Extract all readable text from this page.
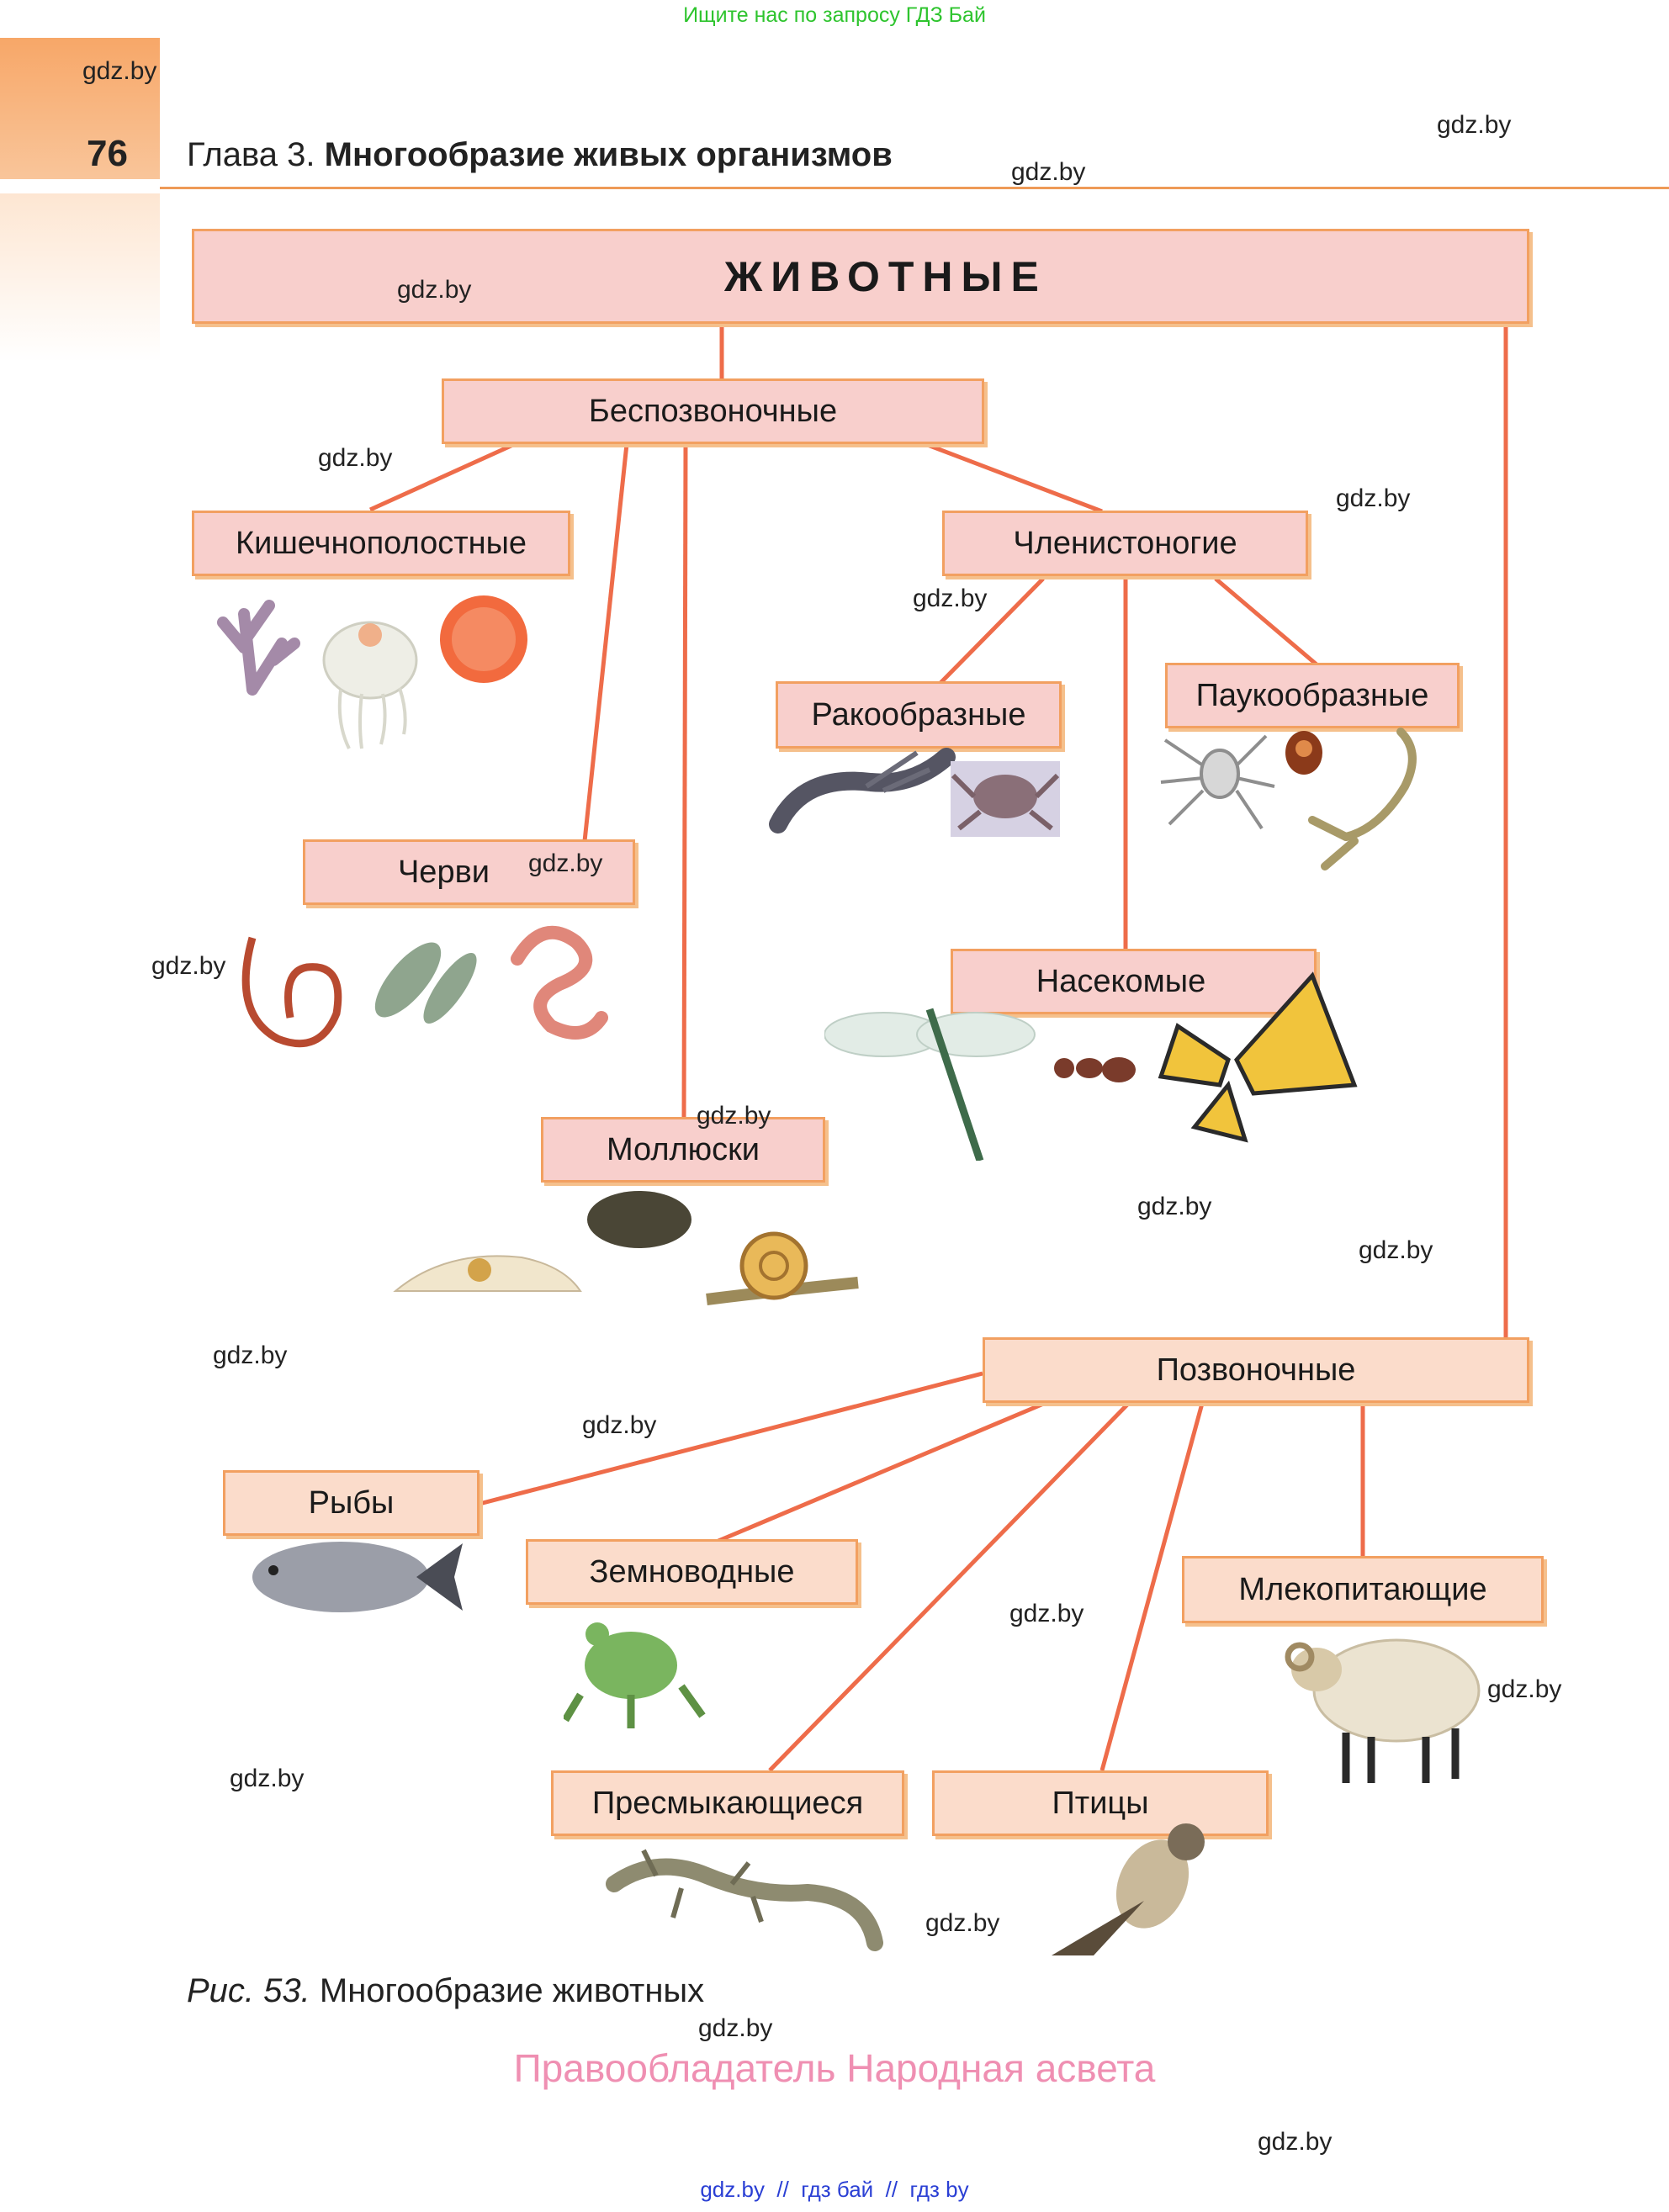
Ищите нас по запросу ГДЗ Бай
76 Глава 3. Многообразие живых организмов
ЖИВОТНЫЕ
Беспозвоночные
Кишечнополостные	Членистоногие
Ракообразные
Паукообразные
Черви
Насекомые
Моллюски
Позвоночные
Рыбы
Земноводные	Млекопитающие
Пресмыкающиеся	Птицы
gdz.by
gdz.by
gdz.by
gdz.by
gdz.by
gdz.by
gdz.by
gdz.by
gdz.by
gdz.by
gdz.by
gdz.by
gdz.by
gdz.by
gdz.by
gdz.by
gdz.by
gdz.by
gdz.by
gdz.by
Рис. 53. Многообразие животных
Правообладатель Народная асвета
gdz.by  //  гдз бай  //  гдз by
